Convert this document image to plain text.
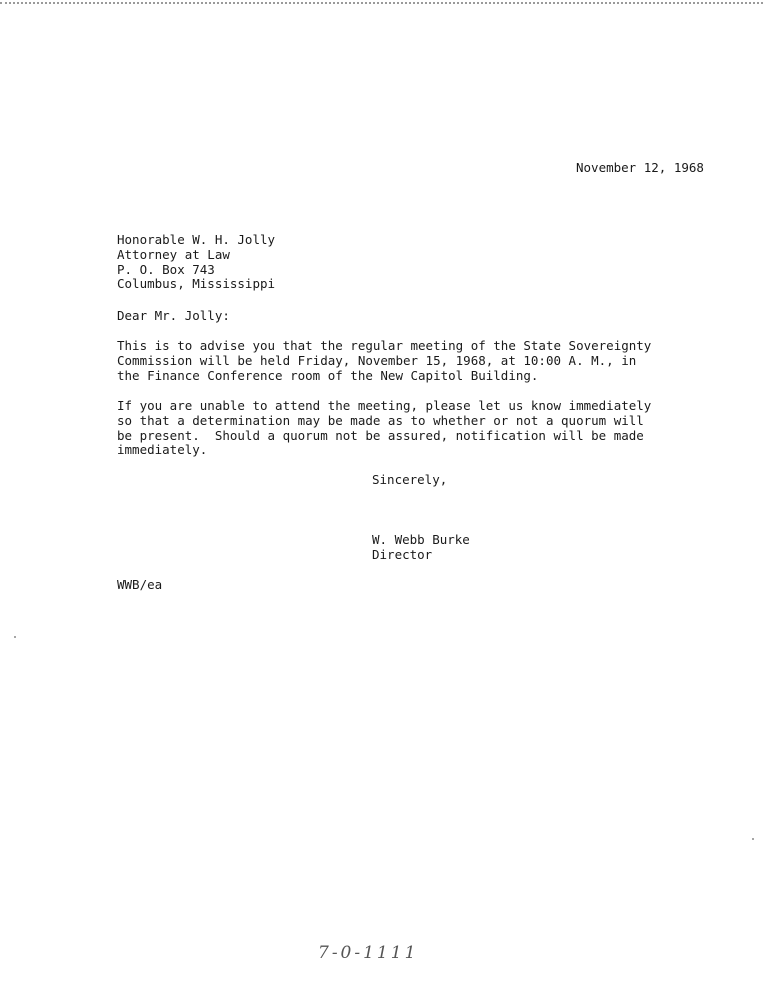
November 12, 1968
Honorable W. H. Jolly
Attorney at Law
P. O. Box 743
Columbus, Mississippi
Dear Mr. Jolly:
This is to advise you that the regular meeting of the State Sovereignty
Commission will be held Friday, November 15, 1968, at 10:00 A. M., in
the Finance Conference room of the New Capitol Building.
If you are unable to attend the meeting, please let us know immediately
so that a determination may be made as to whether or not a quorum will
be present.  Should a quorum not be assured, notification will be made
immediately.
Sincerely,
W. Webb Burke
Director
WWB/ea
7-0-1111
